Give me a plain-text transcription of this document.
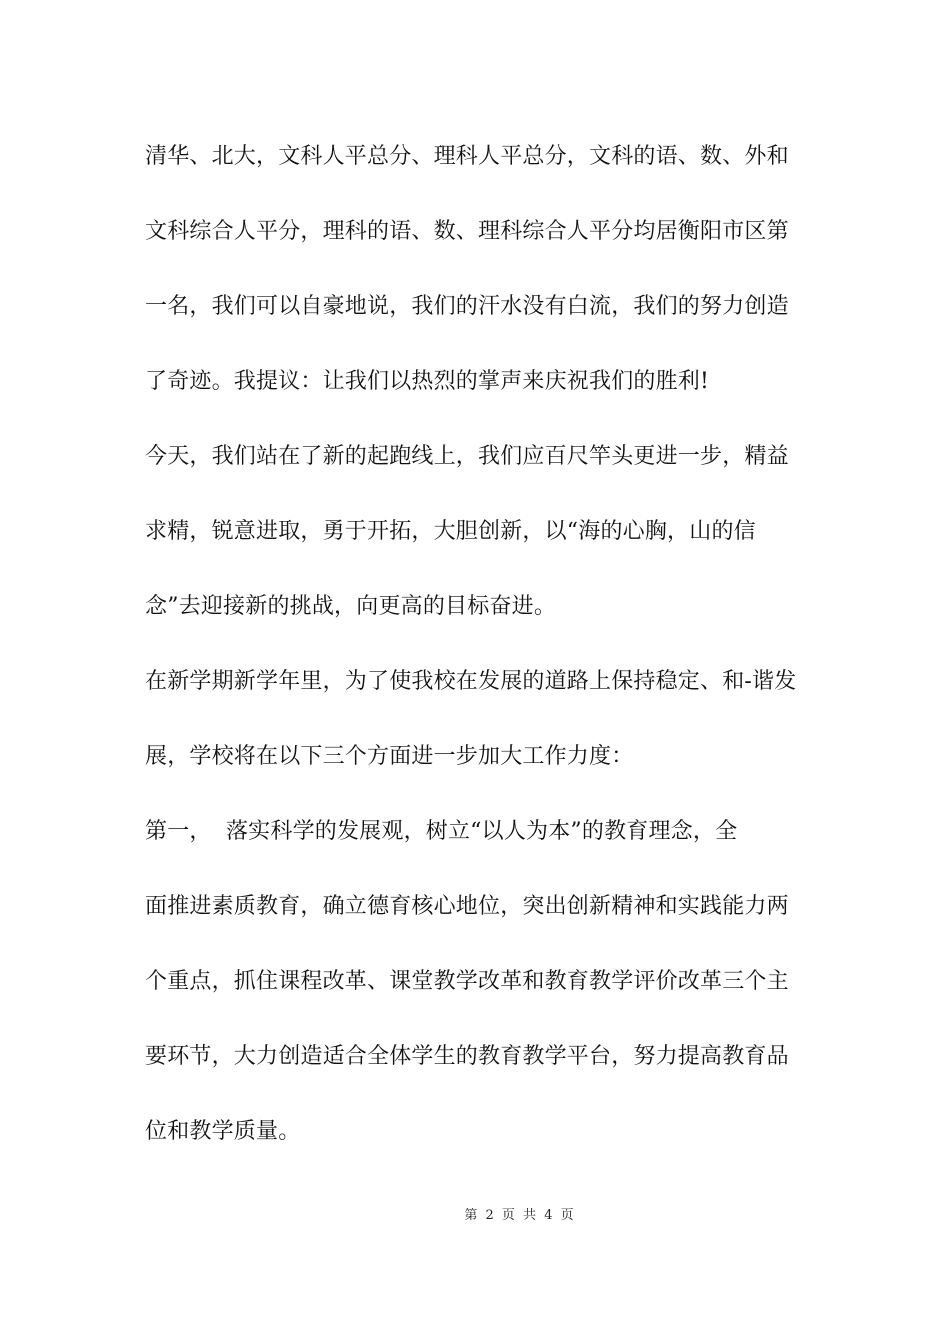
清华、北大，文科人平总分、理科人平总分，文科的语、数、外和
文科综合人平分，理科的语、数、理科综合人平分均居衡阳市区第
一名，我们可以自豪地说，我们的汗水没有白流，我们的努力创造
了奇迹。我提议：让我们以热烈的掌声来庆祝我们的胜利!
今天，我们站在了新的起跑线上，我们应百尺竿头更进一步，精益
求精，锐意进取，勇于开拓，大胆创新，以“海的心胸，山的信
念”去迎接新的挑战，向更高的目标奋进。
在新学期新学年里，为了使我校在发展的道路上保持稳定、和-谐发
展，学校将在以下三个方面进一步加大工作力度：
第一，  落实科学的发展观，树立“以人为本”的教育理念，全
面推进素质教育，确立德育核心地位，突出创新精神和实践能力两
个重点，抓住课程改革、课堂教学改革和教育教学评价改革三个主
要环节，大力创造适合全体学生的教育教学平台，努力提高教育品
位和教学质量。
第 2 页 共 4 页
